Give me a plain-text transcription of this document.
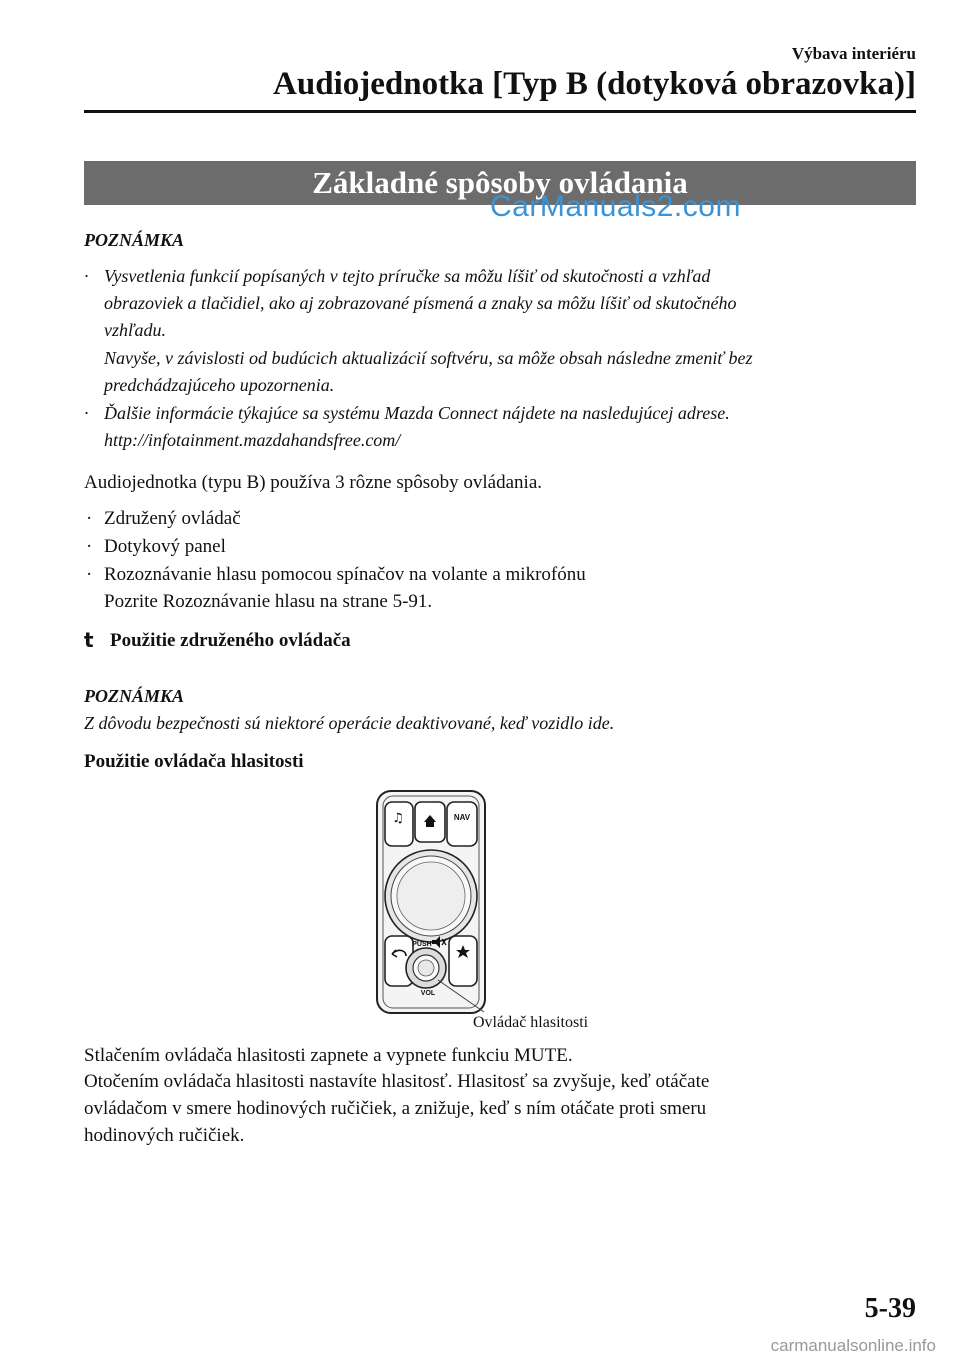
Výbava interiéru
Audiojednotka [Typ B (dotyková obrazovka)]
Základné spôsoby ovládania
CarManuals2.com
POZNÁMKA
· Vysvetlenia funkcií popísaných v tejto príručke sa môžu líšiť od skutočnosti a vzhľad
obrazoviek a tlačidiel, ako aj zobrazované písmená a znaky sa môžu líšiť od skutočného
vzhľadu.
Navyše, v závislosti od budúcich aktualizácií softvéru, sa môže obsah následne zmeniť bez
predchádzajúceho upozornenia.
· Ďalšie informácie týkajúce sa systému Mazda Connect nájdete na nasledujúcej adrese.
http://infotainment.mazdahandsfree.com/
Audiojednotka (typu B) používa 3 rôzne spôsoby ovládania.
· Združený ovládač
· Dotykový panel
· Rozoznávanie hlasu pomocou spínačov na volante a mikrofónu
Pozrite Rozoznávanie hlasu na strane 5-91.
t Použitie združeného ovládača
POZNÁMKA
Z dôvodu bezpečnosti sú niektoré operácie deaktivované, keď vozidlo ide.
Použitie ovládača hlasitosti
♫	NAV
PUSH
VOL
Ovládač hlasitosti
Stlačením ovládača hlasitosti zapnete a vypnete funkciu MUTE.
Otočením ovládača hlasitosti nastavíte hlasitosť. Hlasitosť sa zvyšuje, keď otáčate
ovládačom v smere hodinových ručičiek, a znižuje, keď s ním otáčate proti smeru
hodinových ručičiek.
5-39
carmanualsonline.info
